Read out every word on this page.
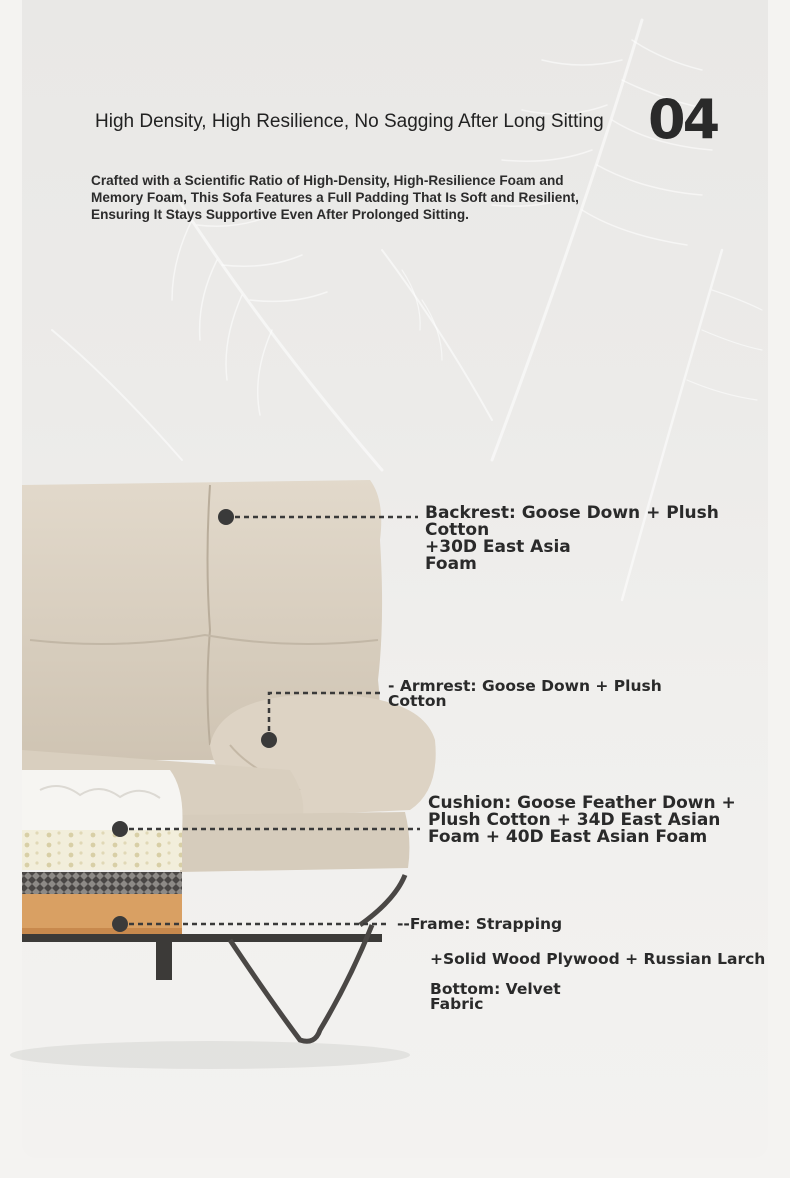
04
High Density, High Resilience, No Sagging After Long Sitting
Crafted with a Scientific Ratio of High-Density, High-Resilience Foam and Memory Foam, This Sofa Features a Full Padding That Is Soft and Resilient, Ensuring It Stays Supportive Even After Prolonged Sitting.
Backrest: Goose Down + Plush
Cotton
+30D East Asia
Foam
- Armrest: Goose Down + Plush
Cotton
Cushion: Goose Feather Down +
Plush Cotton + 34D East Asian
Foam + 40D East Asian Foam
--Frame: Strapping
+Solid Wood Plywood + Russian Larch
Bottom: Velvet
Fabric
